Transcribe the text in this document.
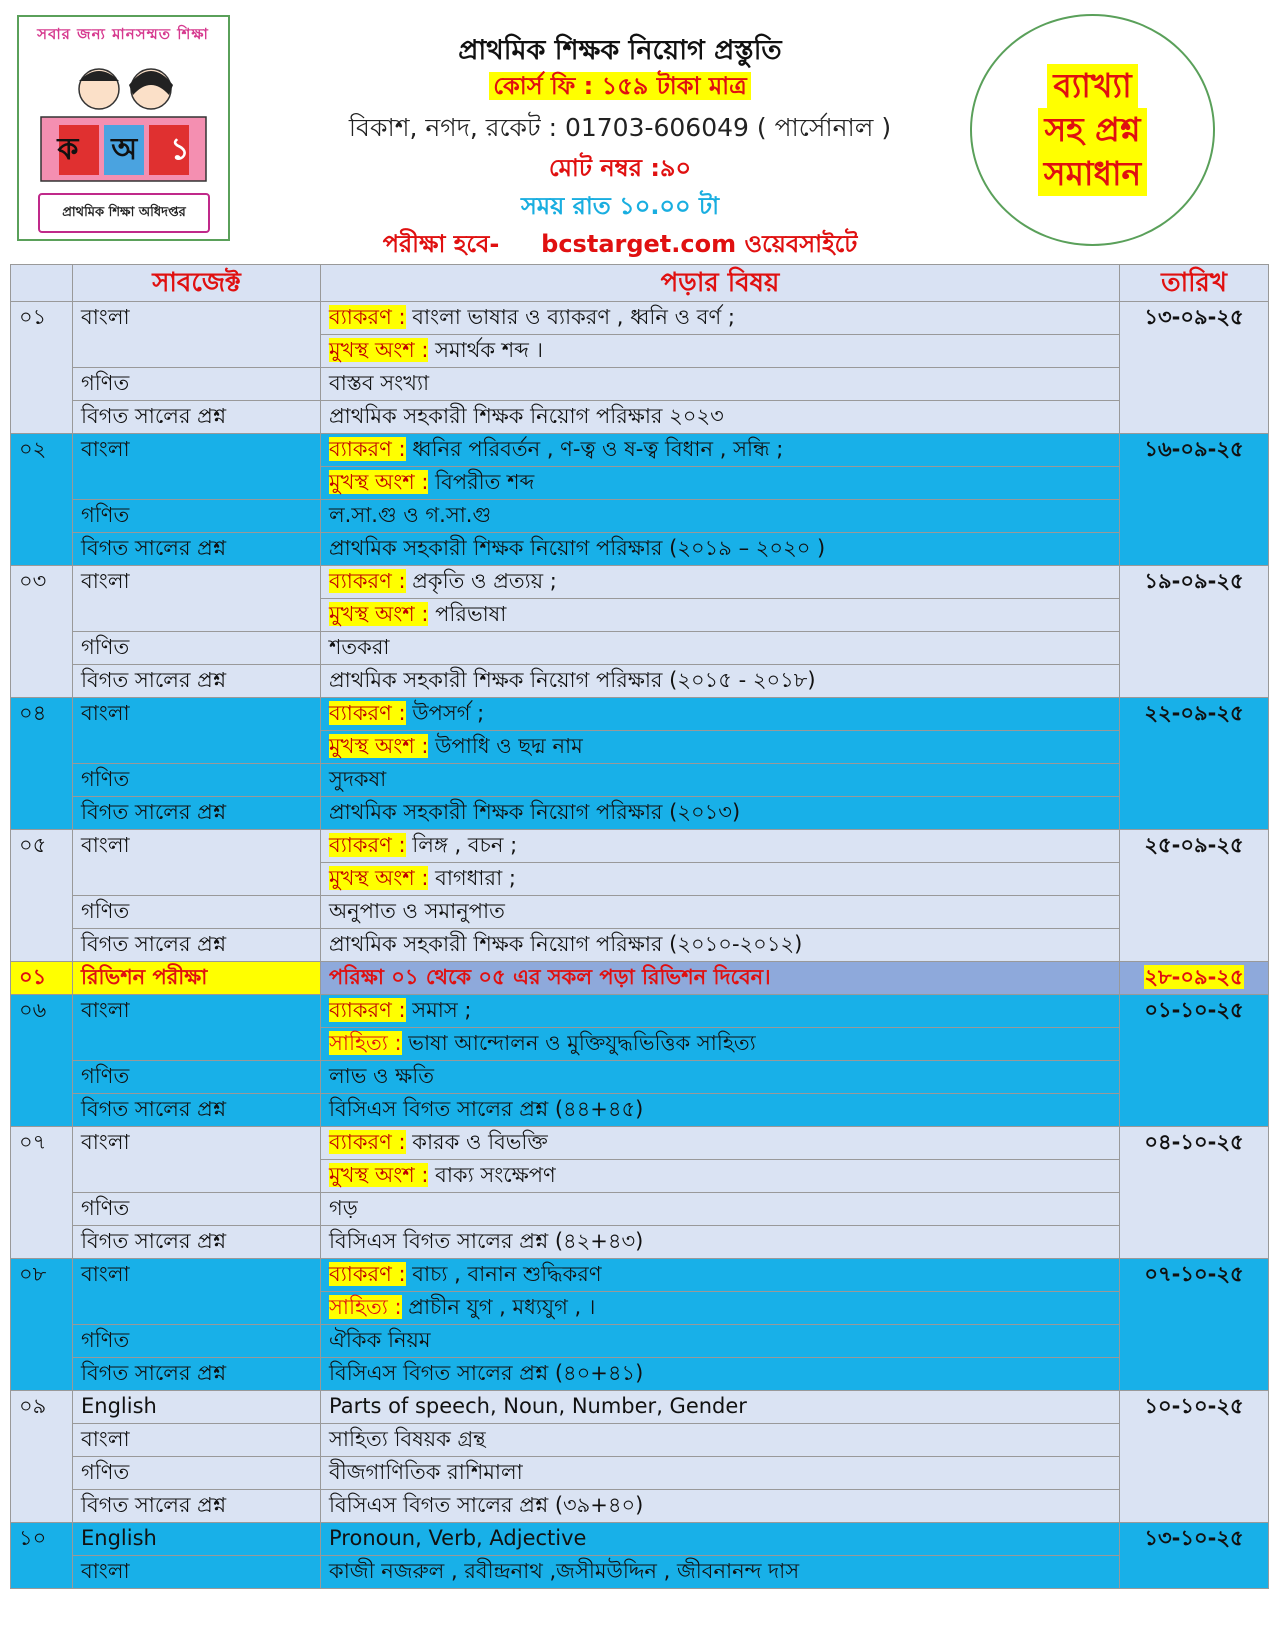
সবার জন্য মানসম্মত শিক্ষা
ক অ ১
প্রাথমিক শিক্ষা অধিদপ্তর
প্রাথমিক শিক্ষক নিয়োগ প্রস্তুতি
কোর্স ফি : ১৫৯ টাকা মাত্র
বিকাশ, নগদ, রকেট : 01703-606049 ( পার্সোনাল )
মোট নম্বর :৯০
সময় রাত ১০.০০ টা
পরীক্ষা হবে-     bcstarget.com ওয়েবসাইটে
ব্যাখ্যা
সহ প্রশ্ন
সমাধান
	সাবজেক্ট	পড়ার বিষয়	তারিখ
০১	বাংলা	ব্যাকরণ : বাংলা ভাষার ও ব্যাকরণ , ধ্বনি ও বর্ণ ;	১৩-০৯-২৫
		মুখস্থ অংশ : সমার্থক শব্দ ।	
	গণিত	বাস্তব সংখ্যা	
	বিগত সালের প্রশ্ন	প্রাথমিক সহকারী শিক্ষক নিয়োগ পরিক্ষার ২০২৩	
০২	বাংলা	ব্যাকরণ : ধ্বনির পরিবর্তন , ণ-ত্ব ও ষ-ত্ব বিধান , সন্ধি ;	১৬-০৯-২৫
		মুখস্থ অংশ : বিপরীত শব্দ	
	গণিত	ল.সা.গু ও গ.সা.গু	
	বিগত সালের প্রশ্ন	প্রাথমিক সহকারী শিক্ষক নিয়োগ পরিক্ষার (২০১৯ – ২০২০ )	
০৩	বাংলা	ব্যাকরণ : প্রকৃতি ও প্রত্যয় ;	১৯-০৯-২৫
		মুখস্থ অংশ : পরিভাষা	
	গণিত	শতকরা	
	বিগত সালের প্রশ্ন	প্রাথমিক সহকারী শিক্ষক নিয়োগ পরিক্ষার (২০১৫ - ২০১৮)	
০৪	বাংলা	ব্যাকরণ : উপসর্গ ;	২২-০৯-২৫
		মুখস্থ অংশ : উপাধি ও ছদ্ম নাম	
	গণিত	সুদকষা	
	বিগত সালের প্রশ্ন	প্রাথমিক সহকারী শিক্ষক নিয়োগ পরিক্ষার (২০১৩)	
০৫	বাংলা	ব্যাকরণ : লিঙ্গ , বচন ;	২৫-০৯-২৫
		মুখস্থ অংশ : বাগধারা ;	
	গণিত	অনুপাত ও সমানুপাত	
	বিগত সালের প্রশ্ন	প্রাথমিক সহকারী শিক্ষক নিয়োগ পরিক্ষার (২০১০-২০১২)	
০১	রিভিশন পরীক্ষা	পরিক্ষা ০১ থেকে ০৫ এর সকল পড়া রিভিশন দিবেন।	২৮-০৯-২৫
০৬	বাংলা	ব্যাকরণ : সমাস ;	০১-১০-২৫
		সাহিত্য : ভাষা আন্দোলন ও মুক্তিযুদ্ধভিত্তিক সাহিত্য	
	গণিত	লাভ ও ক্ষতি	
	বিগত সালের প্রশ্ন	বিসিএস বিগত সালের প্রশ্ন (৪৪+৪৫)	
০৭	বাংলা	ব্যাকরণ : কারক ও বিভক্তি	০৪-১০-২৫
		মুখস্থ অংশ : বাক্য সংক্ষেপণ	
	গণিত	গড়	
	বিগত সালের প্রশ্ন	বিসিএস বিগত সালের প্রশ্ন (৪২+৪৩)	
০৮	বাংলা	ব্যাকরণ : বাচ্য , বানান শুদ্ধিকরণ	০৭-১০-২৫
		সাহিত্য : প্রাচীন যুগ , মধ্যযুগ , ।	
	গণিত	ঐকিক নিয়ম	
	বিগত সালের প্রশ্ন	বিসিএস বিগত সালের প্রশ্ন (৪০+৪১)	
০৯	English	Parts of speech, Noun, Number, Gender	১০-১০-২৫
	বাংলা	সাহিত্য বিষয়ক গ্রন্থ	
	গণিত	বীজগাণিতিক রাশিমালা	
	বিগত সালের প্রশ্ন	বিসিএস বিগত সালের প্রশ্ন (৩৯+৪০)	
১০	English	Pronoun, Verb, Adjective	১৩-১০-২৫
	বাংলা	কাজী নজরুল , রবীন্দ্রনাথ ,জসীমউদ্দিন , জীবনানন্দ দাস	
